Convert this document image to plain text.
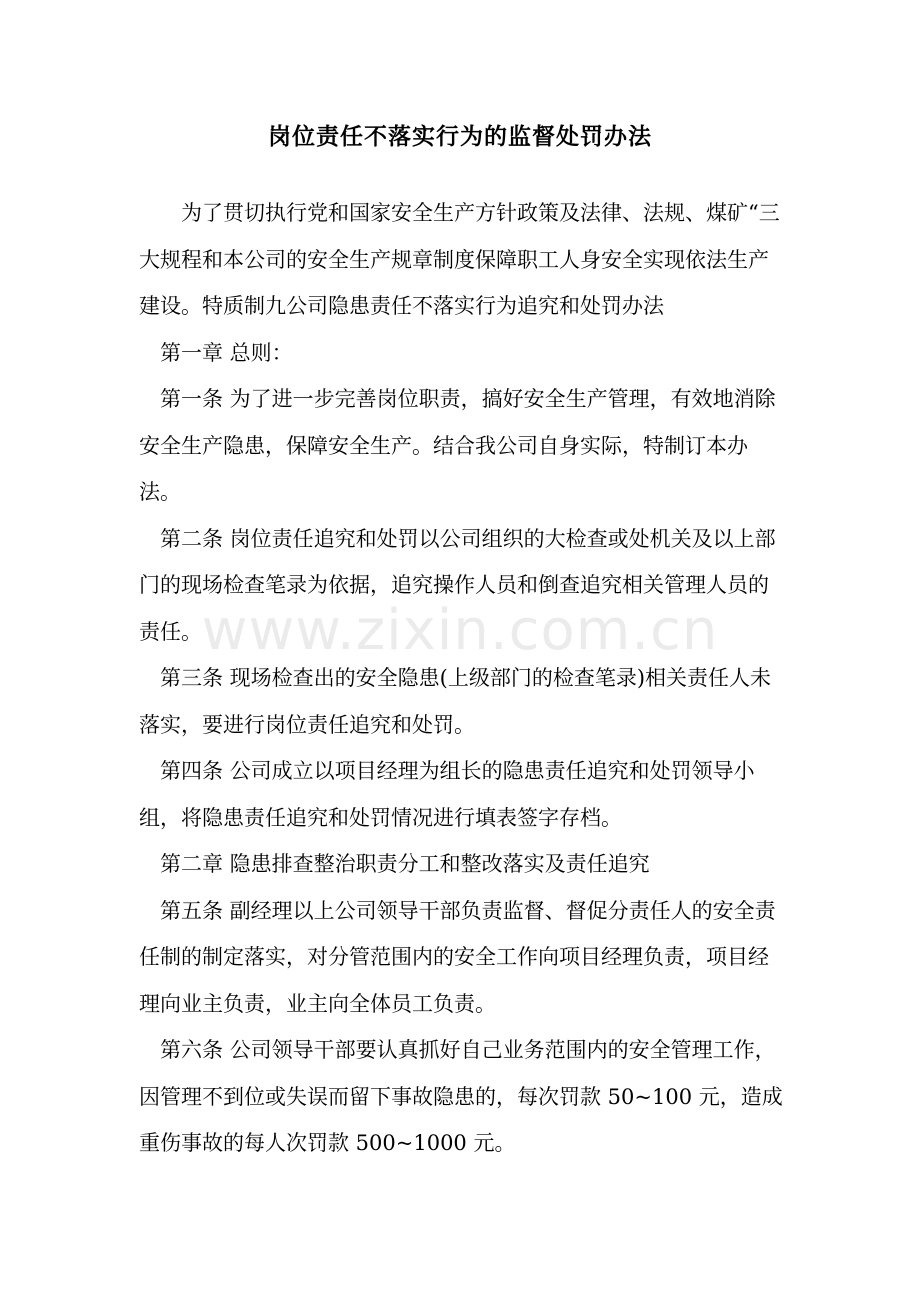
岗位责任不落实行为的监督处罚办法

为了贯切执行党和国家安全生产方针政策及法律、法规、煤矿“三大规程和本公司的安全生产规章制度保障职工人身安全实现依法生产建设。特质制九公司隐患责任不落实行为追究和处罚办法

第一章 总则：

第一条 为了进一步完善岗位职责，搞好安全生产管理，有效地消除安全生产隐患，保障安全生产。结合我公司自身实际，特制订本办法。

第二条 岗位责任追究和处罚以公司组织的大检查或处机关及以上部门的现场检查笔录为依据，追究操作人员和倒查追究相关管理人员的责任。

第三条 现场检查出的安全隐患(上级部门的检查笔录)相关责任人未落实，要进行岗位责任追究和处罚。

第四条 公司成立以项目经理为组长的隐患责任追究和处罚领导小组，将隐患责任追究和处罚情况进行填表签字存档。

第二章 隐患排查整治职责分工和整改落实及责任追究

第五条 副经理以上公司领导干部负责监督、督促分责任人的安全责任制的制定落实，对分管范围内的安全工作向项目经理负责，项目经理向业主负责，业主向全体员工负责。

第六条 公司领导干部要认真抓好自己业务范围内的安全管理工作，因管理不到位或失误而留下事故隐患的，每次罚款 50~100 元，造成重伤事故的每人次罚款 500~1000 元。

www.zixin.com.cn
